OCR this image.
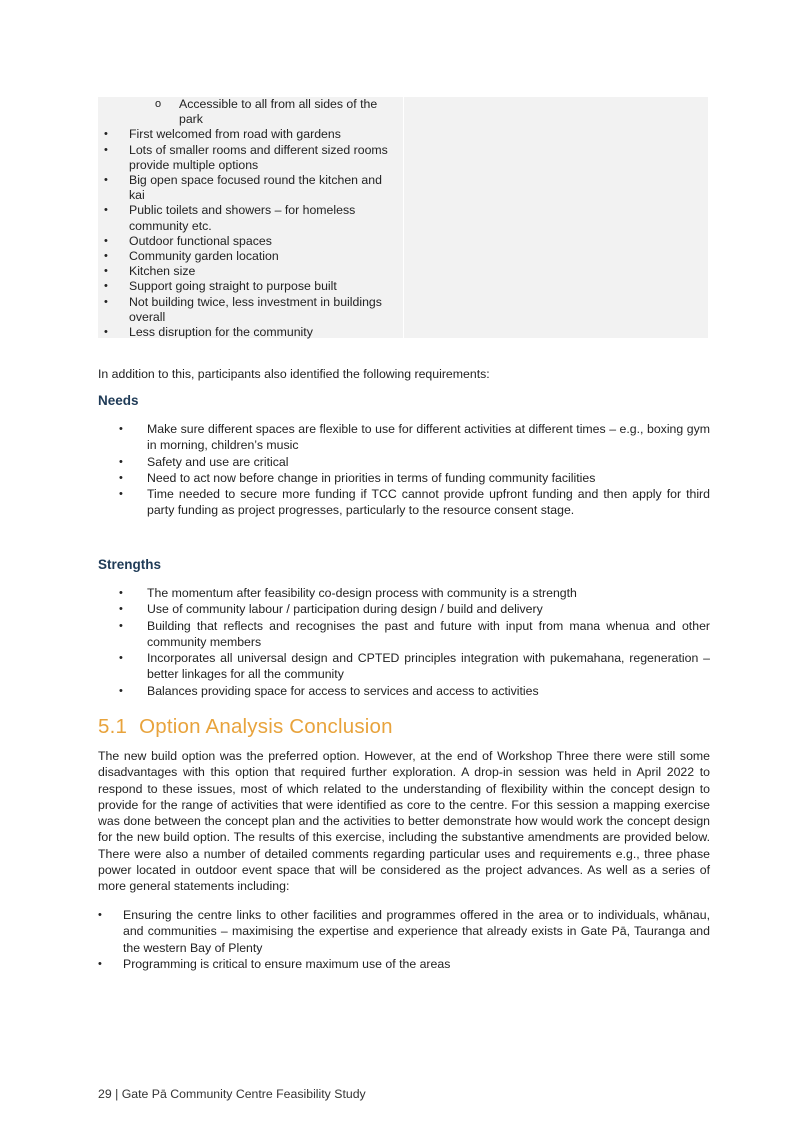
o Accessible to all from all sides of the park
• First welcomed from road with gardens
• Lots of smaller rooms and different sized rooms provide multiple options
• Big open space focused round the kitchen and kai
• Public toilets and showers – for homeless community etc.
• Outdoor functional spaces
• Community garden location
• Kitchen size
• Support going straight to purpose built
• Not building twice, less investment in buildings overall
• Less disruption for the community
In addition to this, participants also identified the following requirements:
Needs
• Make sure different spaces are flexible to use for different activities at different times – e.g., boxing gym in morning, children’s music
• Safety and use are critical
• Need to act now before change in priorities in terms of funding community facilities
• Time needed to secure more funding if TCC cannot provide upfront funding and then apply for third party funding as project progresses, particularly to the resource consent stage.
Strengths
• The momentum after feasibility co-design process with community is a strength
• Use of community labour / participation during design / build and delivery
• Building that reflects and recognises the past and future with input from mana whenua and other community members
• Incorporates all universal design and CPTED principles integration with pukemahana, regeneration – better linkages for all the community
• Balances providing space for access to services and access to activities
5.1 Option Analysis Conclusion

The new build option was the preferred option. However, at the end of Workshop Three there were still some disadvantages with this option that required further exploration. A drop-in session was held in April 2022 to respond to these issues, most of which related to the understanding of flexibility within the concept design to provide for the range of activities that were identified as core to the centre. For this session a mapping exercise was done between the concept plan and the activities to better demonstrate how would work the concept design for the new build option. The results of this exercise, including the substantive amendments are provided below. There were also a number of detailed comments regarding particular uses and requirements e.g., three phase power located in outdoor event space that will be considered as the project advances. As well as a series of more general statements including:

• Ensuring the centre links to other facilities and programmes offered in the area or to individuals, whānau, and communities – maximising the expertise and experience that already exists in Gate Pā, Tauranga and the western Bay of Plenty
• Programming is critical to ensure maximum use of the areas
29 | Gate Pā Community Centre Feasibility Study
